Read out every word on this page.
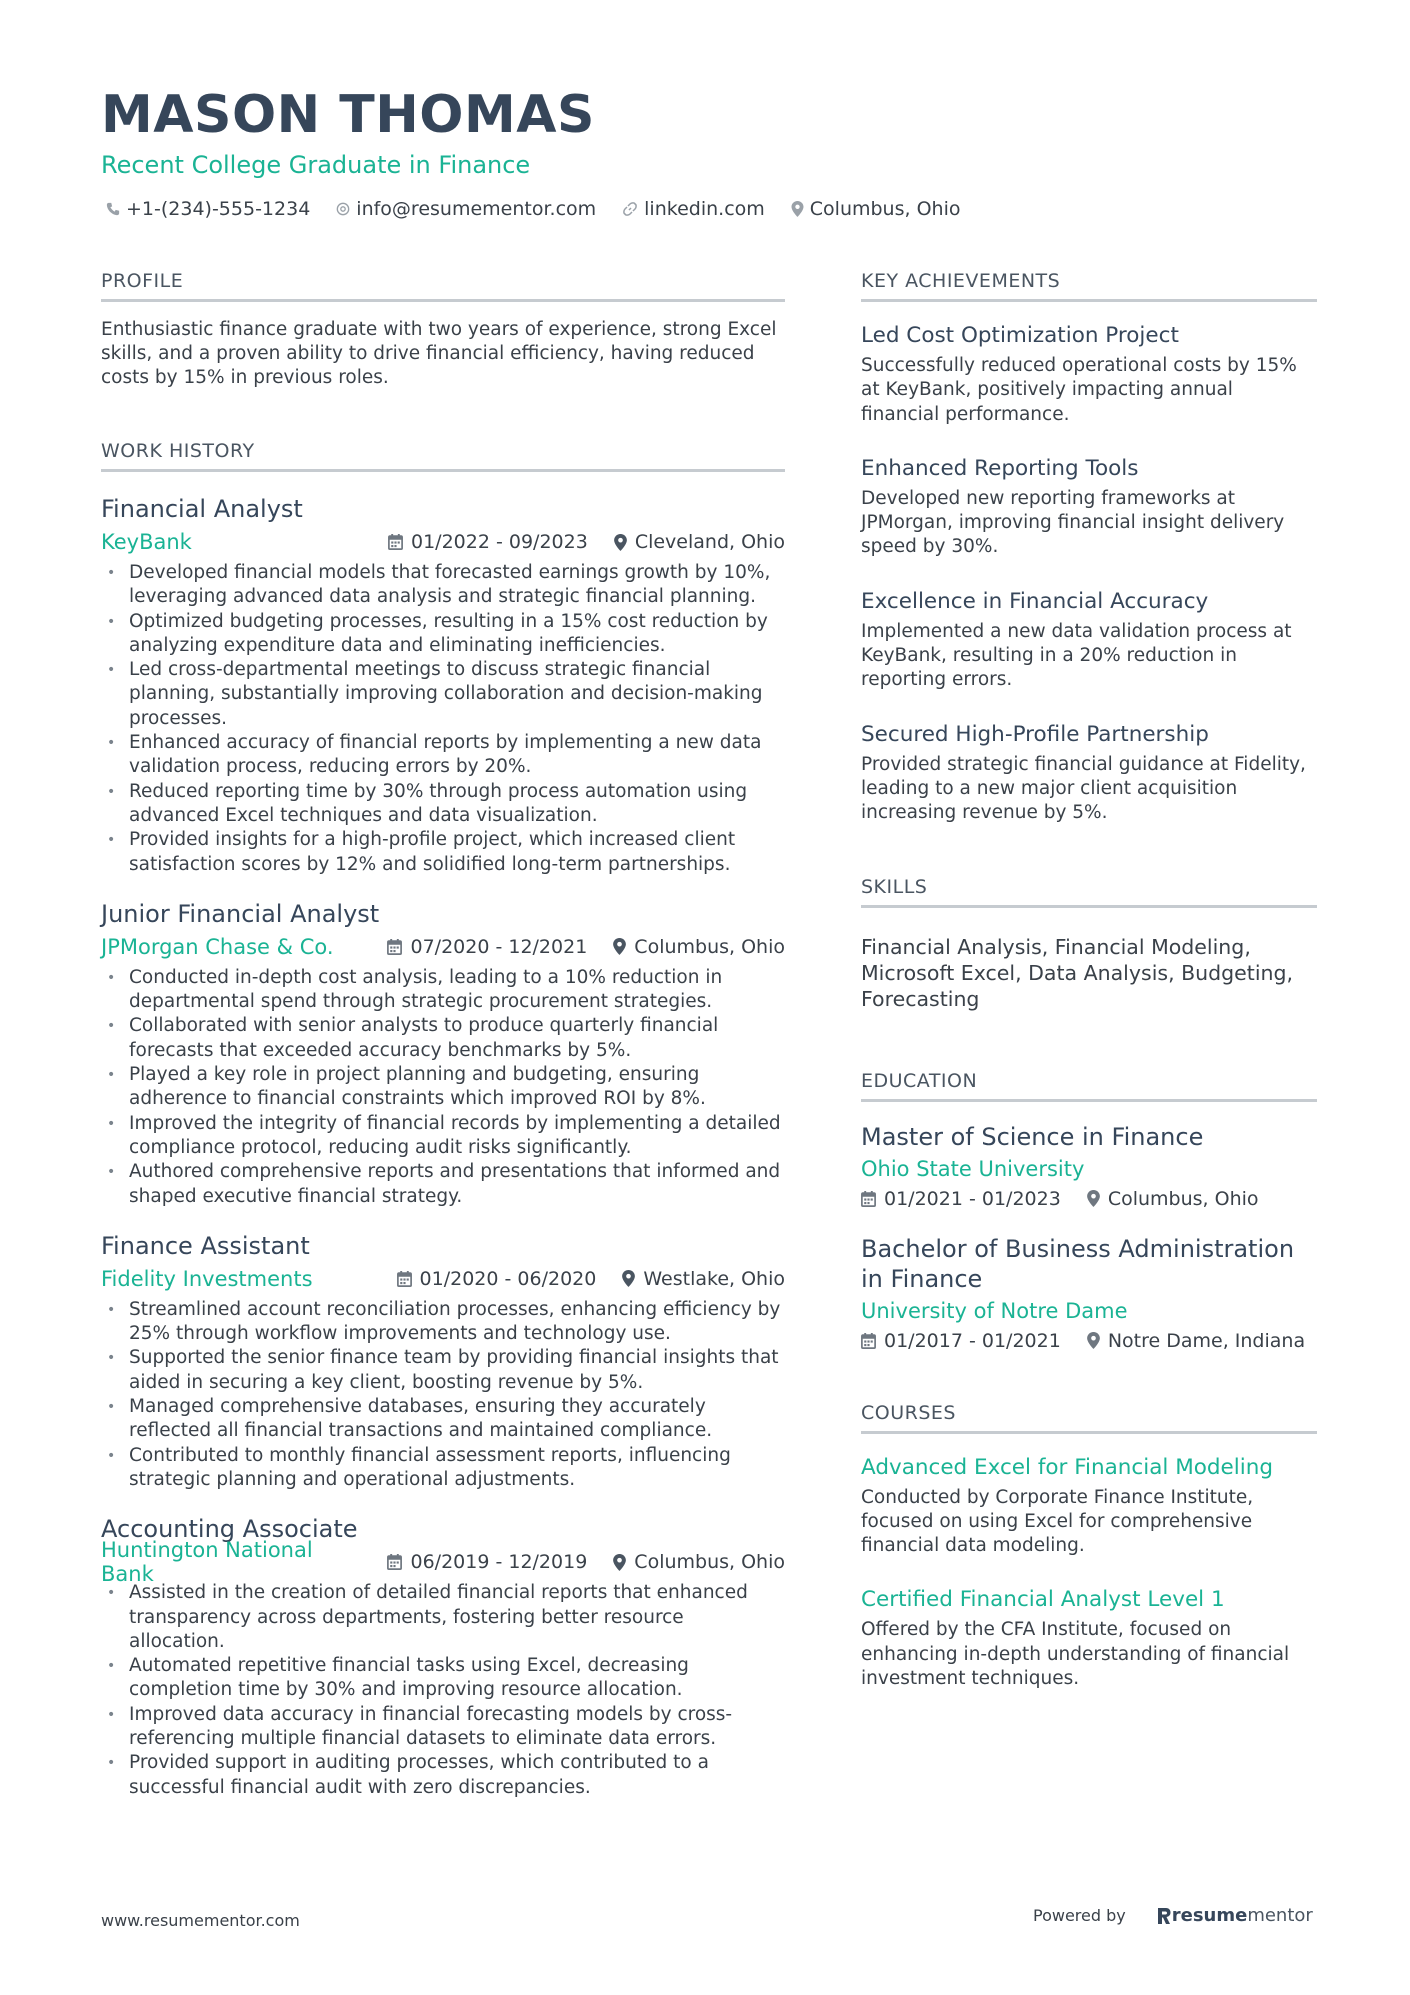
MASON THOMAS
Recent College Graduate in Finance
+1-(234)-555-1234 info@resumementor.com	linkedin.com Columbus, Ohio
PROFILE
Enthusiastic finance graduate with two years of experience, strong Excel skills, and a proven ability to drive financial efficiency, having reduced costs by 15% in previous roles.
WORK HISTORY
Financial Analyst
KeyBank	01/2022 - 09/2023 Cleveland, Ohio
• Developed financial models that forecasted earnings growth by 10%, leveraging advanced data analysis and strategic financial planning.
• Optimized budgeting processes, resulting in a 15% cost reduction by analyzing expenditure data and eliminating inefficiencies.
• Led cross-departmental meetings to discuss strategic financial planning, substantially improving collaboration and decision-making processes.
• Enhanced accuracy of financial reports by implementing a new data validation process, reducing errors by 20%.
• Reduced reporting time by 30% through process automation using advanced Excel techniques and data visualization.
• Provided insights for a high-profile project, which increased client satisfaction scores by 12% and solidified long-term partnerships.
Junior Financial Analyst
JPMorgan Chase & Co.	07/2020 - 12/2021 Columbus, Ohio
• Conducted in-depth cost analysis, leading to a 10% reduction in departmental spend through strategic procurement strategies.
• Collaborated with senior analysts to produce quarterly financial forecasts that exceeded accuracy benchmarks by 5%.
• Played a key role in project planning and budgeting, ensuring adherence to financial constraints which improved ROI by 8%.
• Improved the integrity of financial records by implementing a detailed compliance protocol, reducing audit risks significantly.
• Authored comprehensive reports and presentations that informed and shaped executive financial strategy.
Finance Assistant
Fidelity Investments	01/2020 - 06/2020 Westlake, Ohio
• Streamlined account reconciliation processes, enhancing efficiency by 25% through workflow improvements and technology use.
• Supported the senior finance team by providing financial insights that aided in securing a key client, boosting revenue by 5%.
• Managed comprehensive databases, ensuring they accurately reflected all financial transactions and maintained compliance.
• Contributed to monthly financial assessment reports, influencing strategic planning and operational adjustments.
Accounting Associate
Huntington National Bank	06/2019 - 12/2019 Columbus, Ohio
• Assisted in the creation of detailed financial reports that enhanced transparency across departments, fostering better resource allocation.
• Automated repetitive financial tasks using Excel, decreasing completion time by 30% and improving resource allocation.
• Improved data accuracy in financial forecasting models by cross-referencing multiple financial datasets to eliminate data errors.
• Provided support in auditing processes, which contributed to a successful financial audit with zero discrepancies.
KEY ACHIEVEMENTS
Led Cost Optimization Project
Successfully reduced operational costs by 15% at KeyBank, positively impacting annual financial performance.
Enhanced Reporting Tools
Developed new reporting frameworks at JPMorgan, improving financial insight delivery speed by 30%.
Excellence in Financial Accuracy
Implemented a new data validation process at KeyBank, resulting in a 20% reduction in reporting errors.
Secured High-Profile Partnership
Provided strategic financial guidance at Fidelity, leading to a new major client acquisition increasing revenue by 5%.
SKILLS
Financial Analysis, Financial Modeling, Microsoft Excel, Data Analysis, Budgeting, Forecasting
EDUCATION
Master of Science in Finance
Ohio State University
01/2021 - 01/2023 Columbus, Ohio
Bachelor of Business Administration in Finance
University of Notre Dame
01/2017 - 01/2021 Notre Dame, Indiana
COURSES
Advanced Excel for Financial Modeling
Conducted by Corporate Finance Institute, focused on using Excel for comprehensive financial data modeling.
Certified Financial Analyst Level 1
Offered by the CFA Institute, focused on enhancing in-depth understanding of financial investment techniques.
www.resumementor.com	Powered by	resume mentor
